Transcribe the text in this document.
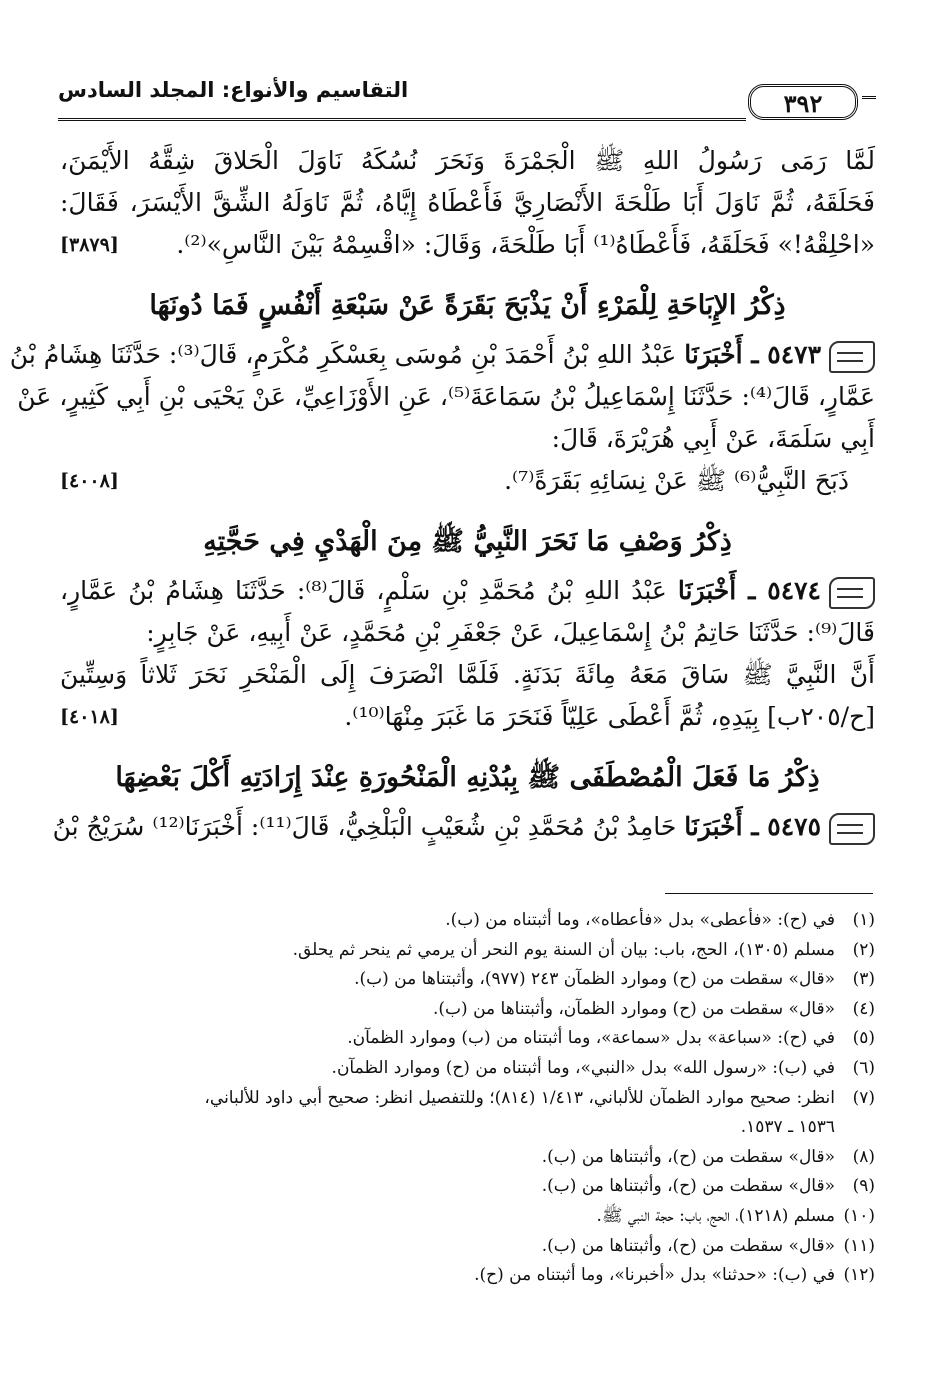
التقاسيم والأنواع: المجلد السادس	٣٩٢
لَمَّا رَمَى رَسُولُ اللهِ ﷺ الْجَمْرَةَ وَنَحَرَ نُسُكَهُ نَاوَلَ الْحَلاقَ شِقَّهُ الأَيْمَنَ،
فَحَلَقَهُ، ثُمَّ نَاوَلَ أَبَا طَلْحَةَ الأَنْصَارِيَّ فَأَعْطَاهُ إِيَّاهُ، ثُمَّ نَاوَلَهُ الشِّقَّ الأَيْسَرَ، فَقَالَ:
«احْلِقْهُ!» فَحَلَقَهُ، فَأَعْطَاهُ⁽¹⁾ أَبَا طَلْحَةَ، وَقَالَ: «اقْسِمْهُ بَيْنَ النَّاسِ»⁽²⁾.
[٣٨٧٩]
ذِكْرُ الإِبَاحَةِ لِلْمَرْءِ أَنْ يَذْبَحَ بَقَرَةً عَنْ سَبْعَةِ أَنْفُسٍ فَمَا دُونَهَا
٥٤٧٣ ـ أَخْبَرَنَا عَبْدُ اللهِ بْنُ أَحْمَدَ بْنِ مُوسَى بِعَسْكَرِ مُكْرَمٍ، قَالَ⁽³⁾: حَدَّثَنَا هِشَامُ بْنُ
عَمَّارٍ، قَالَ⁽⁴⁾: حَدَّثَنَا إِسْمَاعِيلُ بْنُ سَمَاعَةَ⁽⁵⁾، عَنِ الأَوْزَاعِيِّ، عَنْ يَحْيَى بْنِ أَبِي كَثِيرٍ، عَنْ
أَبِي سَلَمَةَ، عَنْ أَبِي هُرَيْرَةَ، قَالَ:
ذَبَحَ النَّبِيُّ⁽⁶⁾ ﷺ عَنْ نِسَائِهِ بَقَرَةً⁽⁷⁾.
[٤٠٠٨]
ذِكْرُ وَصْفِ مَا نَحَرَ النَّبِيُّ ﷺ مِنَ الْهَدْيِ فِي حَجَّتِهِ
٥٤٧٤ ـ أَخْبَرَنَا عَبْدُ اللهِ بْنُ مُحَمَّدِ بْنِ سَلْمٍ، قَالَ⁽⁸⁾: حَدَّثَنَا هِشَامُ بْنُ عَمَّارٍ،
قَالَ⁽⁹⁾: حَدَّثَنَا حَاتِمُ بْنُ إِسْمَاعِيلَ، عَنْ جَعْفَرِ بْنِ مُحَمَّدٍ، عَنْ أَبِيهِ، عَنْ جَابِرٍ:
أَنَّ النَّبِيَّ ﷺ سَاقَ مَعَهُ مِائَةَ بَدَنَةٍ. فَلَمَّا انْصَرَفَ إِلَى الْمَنْحَرِ نَحَرَ ثَلاثاً وَسِتِّينَ
[ح/٢٠٥ب] بِيَدِهِ، ثُمَّ أَعْطَى عَلِيّاً فَنَحَرَ مَا غَبَرَ مِنْهَا⁽¹⁰⁾.
[٤٠١٨]
ذِكْرُ مَا فَعَلَ الْمُصْطَفَى ﷺ بِبُدْنِهِ الْمَنْحُورَةِ عِنْدَ إِرَادَتِهِ أَكْلَ بَعْضِهَا
٥٤٧٥ ـ أَخْبَرَنَا حَامِدُ بْنُ مُحَمَّدِ بْنِ شُعَيْبٍ الْبَلْخِيُّ، قَالَ⁽¹¹⁾: أَخْبَرَنَا⁽¹²⁾ سُرَيْجُ بْنُ
(١)في (ح): «فأعطى» بدل «فأعطاه»، وما أثبتناه من (ب).
(٢)مسلم (١٣٠٥)، الحج، باب: بيان أن السنة يوم النحر أن يرمي ثم ينحر ثم يحلق.
(٣)«قال» سقطت من (ح) وموارد الظمآن ٢٤٣ (٩٧٧)، وأثبتناها من (ب).
(٤)«قال» سقطت من (ح) وموارد الظمآن، وأثبتناها من (ب).
(٥)في (ح): «سباعة» بدل «سماعة»، وما أثبتناه من (ب) وموارد الظمآن.
(٦)في (ب): «رسول الله» بدل «النبي»، وما أثبتناه من (ح) وموارد الظمآن.
(٧)انظر: صحيح موارد الظمآن للألباني، ١/٤١٣ (٨١٤)؛ وللتفصيل انظر: صحيح أبي داود للألباني،
١٥٣٦ ـ ١٥٣٧.
(٨)«قال» سقطت من (ح)، وأثبتناها من (ب).
(٩)«قال» سقطت من (ح)، وأثبتناها من (ب).
(١٠)مسلم (١٢١٨)، الحج، باب: حجة النبي ﷺ.
(١١)«قال» سقطت من (ح)، وأثبتناها من (ب).
(١٢)في (ب): «حدثنا» بدل «أخبرنا»، وما أثبتناه من (ح).
